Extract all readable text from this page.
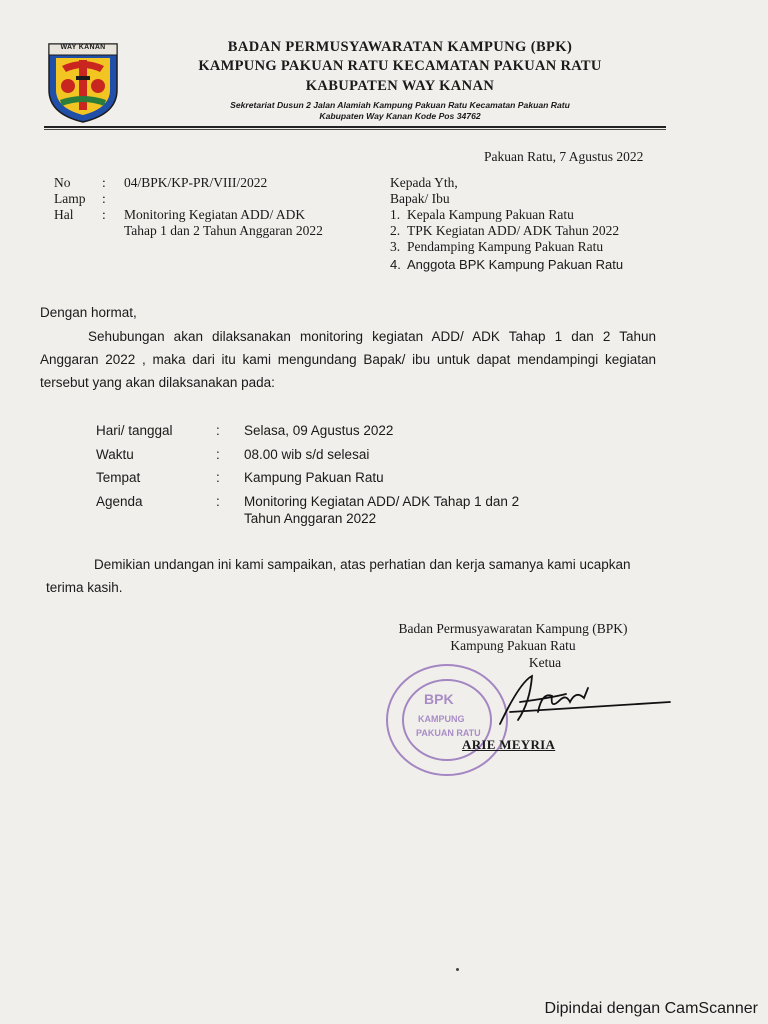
WAY KANAN	BADAN PERMUSYAWARATAN KAMPUNG (BPK)
KAMPUNG PAKUAN RATU KECAMATAN PAKUAN RATU
KABUPATEN WAY KANAN
Sekretariat Dusun 2 Jalan Alamiah Kampung Pakuan Ratu Kecamatan Pakuan Ratu
Kabupaten Way Kanan Kode Pos 34762
Pakuan Ratu, 7 Agustus 2022
No	:	04/BPK/KP-PR/VIII/2022
Lamp	:
Hal	:	Monitoring Kegiatan ADD/ ADK
Tahap 1 dan 2 Tahun Anggaran 2022
Kepada Yth,
Bapak/ Ibu
1. Kepala Kampung Pakuan Ratu
2. TPK Kegiatan ADD/ ADK Tahun 2022
3. Pendamping Kampung Pakuan Ratu
4. Anggota BPK Kampung Pakuan Ratu
Dengan hormat,
Sehubungan akan dilaksanakan monitoring kegiatan ADD/ ADK Tahap 1 dan 2 Tahun Anggaran 2022 , maka dari itu kami mengundang Bapak/ ibu untuk dapat mendampingi kegiatan tersebut yang akan dilaksanakan pada:
Hari/ tanggal	:	Selasa, 09 Agustus 2022
Waktu	:	08.00 wib s/d selesai
Tempat	:	Kampung Pakuan Ratu
Agenda	:	Monitoring Kegiatan ADD/ ADK Tahap 1 dan 2
Tahun Anggaran 2022
Demikian undangan ini kami sampaikan, atas perhatian dan kerja samanya kami ucapkan terima kasih.
Badan Permusyawaratan Kampung (BPK)
Kampung Pakuan Ratu
Ketua
BPK
KAMPUNG
PAKUAN RATU
ARIE MEYRIA
Dipindai dengan CamScanner
